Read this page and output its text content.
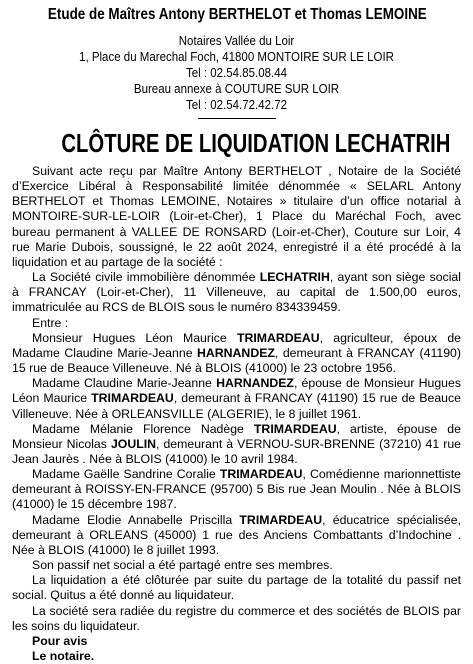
Etude de Maîtres Antony BERTHELOT et Thomas LEMOINE
Notaires Vallée du Loir
1, Place du Marechal Foch, 41800 MONTOIRE SUR LE LOIR
Tel : 02.54.85.08.44
Bureau annexe à COUTURE SUR LOIR
Tel : 02.54.72.42.72
CLÔTURE DE LIQUIDATION LECHATRIH

Suivant acte reçu par Maître Antony BERTHELOT , Notaire de la Société d’Exercice Libéral à Responsabilité limitée dénommée « SELARL Antony BERTHELOT et Thomas LEMOINE, Notaires » titulaire d’un office notarial à MONTOIRE-SUR-LE-LOIR (Loir-et-Cher), 1 Place du Maréchal Foch, avec bureau permanent à VALLEE DE RONSARD (Loir-et-Cher), Couture sur Loir, 4 rue Marie Dubois, soussigné, le 22 août 2024, enregistré il a été procédé à la liquidation et au partage de la société :

La Société civile immobilière dénommée LECHATRIH, ayant son siège social à FRANCAY (Loir-et-Cher), 11 Villeneuve, au capital de 1.500,00 euros, immatriculée au RCS de BLOIS sous le numéro 834339459.

Entre :

Monsieur Hugues Léon Maurice TRIMARDEAU, agriculteur, époux de Madame Claudine Marie-Jeanne HARNANDEZ, demeurant à FRANCAY (41190) 15 rue de Beauce Villeneuve. Né à BLOIS (41000) le 23 octobre 1956.

Madame Claudine Marie-Jeanne HARNANDEZ, épouse de Monsieur Hugues Léon Maurice TRIMARDEAU, demeurant à FRANCAY (41190) 15 rue de Beauce Villeneuve. Née à ORLEANSVILLE (ALGERIE), le 8 juillet 1961.

Madame Mélanie Florence Nadège TRIMARDEAU, artiste, épouse de Monsieur Nicolas JOULIN, demeurant à VERNOU-SUR-BRENNE (37210) 41 rue Jean Jaurès . Née à BLOIS (41000) le 10 avril 1984.

Madame Gaëlle Sandrine Coralie TRIMARDEAU, Comédienne marionnettiste demeurant à ROISSY-EN-FRANCE (95700) 5 Bis rue Jean Moulin . Née à BLOIS (41000) le 15 décembre 1987.

Madame Elodie Annabelle Priscilla TRIMARDEAU, éducatrice spécialisée, demeurant à ORLEANS (45000) 1 rue des Anciens Combattants d’Indochine . Née à BLOIS (41000) le 8 juillet 1993.

Son passif net social a été partagé entre ses membres.

La liquidation a été clôturée par suite du partage de la totalité du passif net social. Quitus a été donné au liquidateur.

La société sera radiée du registre du commerce et des sociétés de BLOIS par les soins du liquidateur.

Pour avis

Le notaire.
